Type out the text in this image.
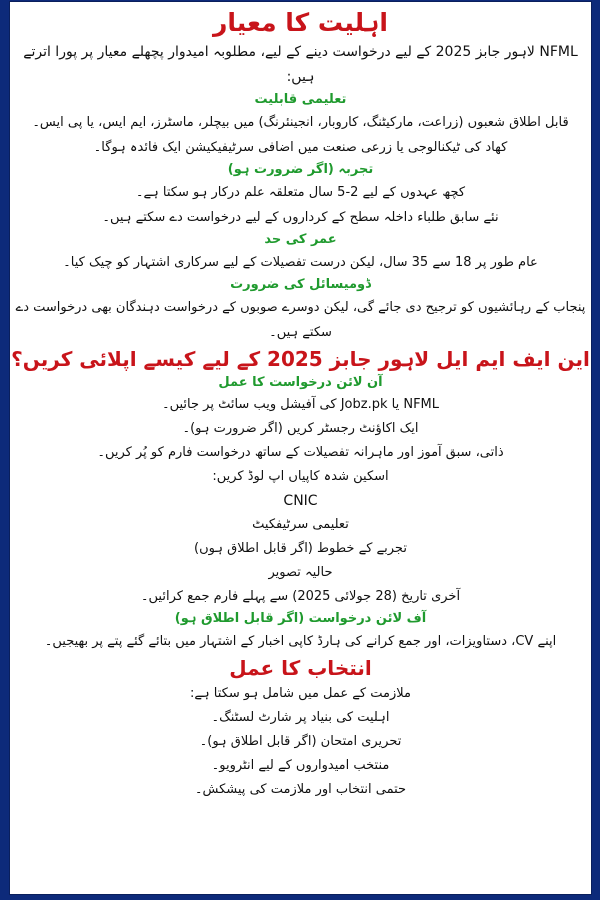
اہلیت کا معیار
NFML لاہور جابز 2025 کے لیے درخواست دینے کے لیے، مطلوبہ امیدوار پچھلے معیار پر پورا اترتے ہیں:
تعلیمی قابلیت
قابل اطلاق شعبوں (زراعت، مارکیٹنگ، کاروبار، انجینئرنگ) میں بیچلر، ماسٹرز، ایم ایس، یا پی ایس۔
کھاد کی ٹیکنالوجی یا زرعی صنعت میں اضافی سرٹیفیکیشن ایک فائدہ ہوگا۔
تجربہ (اگر ضرورت ہو)
کچھ عہدوں کے لیے 2-5 سال متعلقہ علم درکار ہو سکتا ہے۔
نئے سابق طلباء داخلہ سطح کے کرداروں کے لیے درخواست دے سکتے ہیں۔
عمر کی حد
عام طور پر 18 سے 35 سال، لیکن درست تفصیلات کے لیے سرکاری اشتہار کو چیک کیا۔
ڈومیسائل کی ضرورت
پنجاب کے رہائشیوں کو ترجیح دی جائے گی، لیکن دوسرے صوبوں کے درخواست دہندگان بھی درخواست دے سکتے ہیں۔
این ایف ایم ایل لاہور جابز 2025 کے لیے کیسے اپلائی کریں؟
آن لائن درخواست کا عمل
NFML یا Jobz.pk کی آفیشل ویب سائٹ پر جائیں۔
ایک اکاؤنٹ رجسٹر کریں (اگر ضرورت ہو)۔
ذاتی، سبق آموز اور ماہرانہ تفصیلات کے ساتھ درخواست فارم کو پُر کریں۔
اسکین شدہ کاپیاں اپ لوڈ کریں:
CNIC
تعلیمی سرٹیفکیٹ
تجربے کے خطوط (اگر قابل اطلاق ہوں)
حالیہ تصویر
آخری تاریخ (28 جولائی 2025) سے پہلے فارم جمع کرائیں۔
آف لائن درخواست (اگر قابل اطلاق ہو)
اپنے CV، دستاویزات، اور جمع کرانے کی ہارڈ کاپی اخبار کے اشتہار میں بتائے گئے پتے پر بھیجیں۔
انتخاب کا عمل
ملازمت کے عمل میں شامل ہو سکتا ہے:
اہلیت کی بنیاد پر شارٹ لسٹنگ۔
تحریری امتحان (اگر قابل اطلاق ہو)۔
منتخب امیدواروں کے لیے انٹرویو۔
حتمی انتخاب اور ملازمت کی پیشکش۔
